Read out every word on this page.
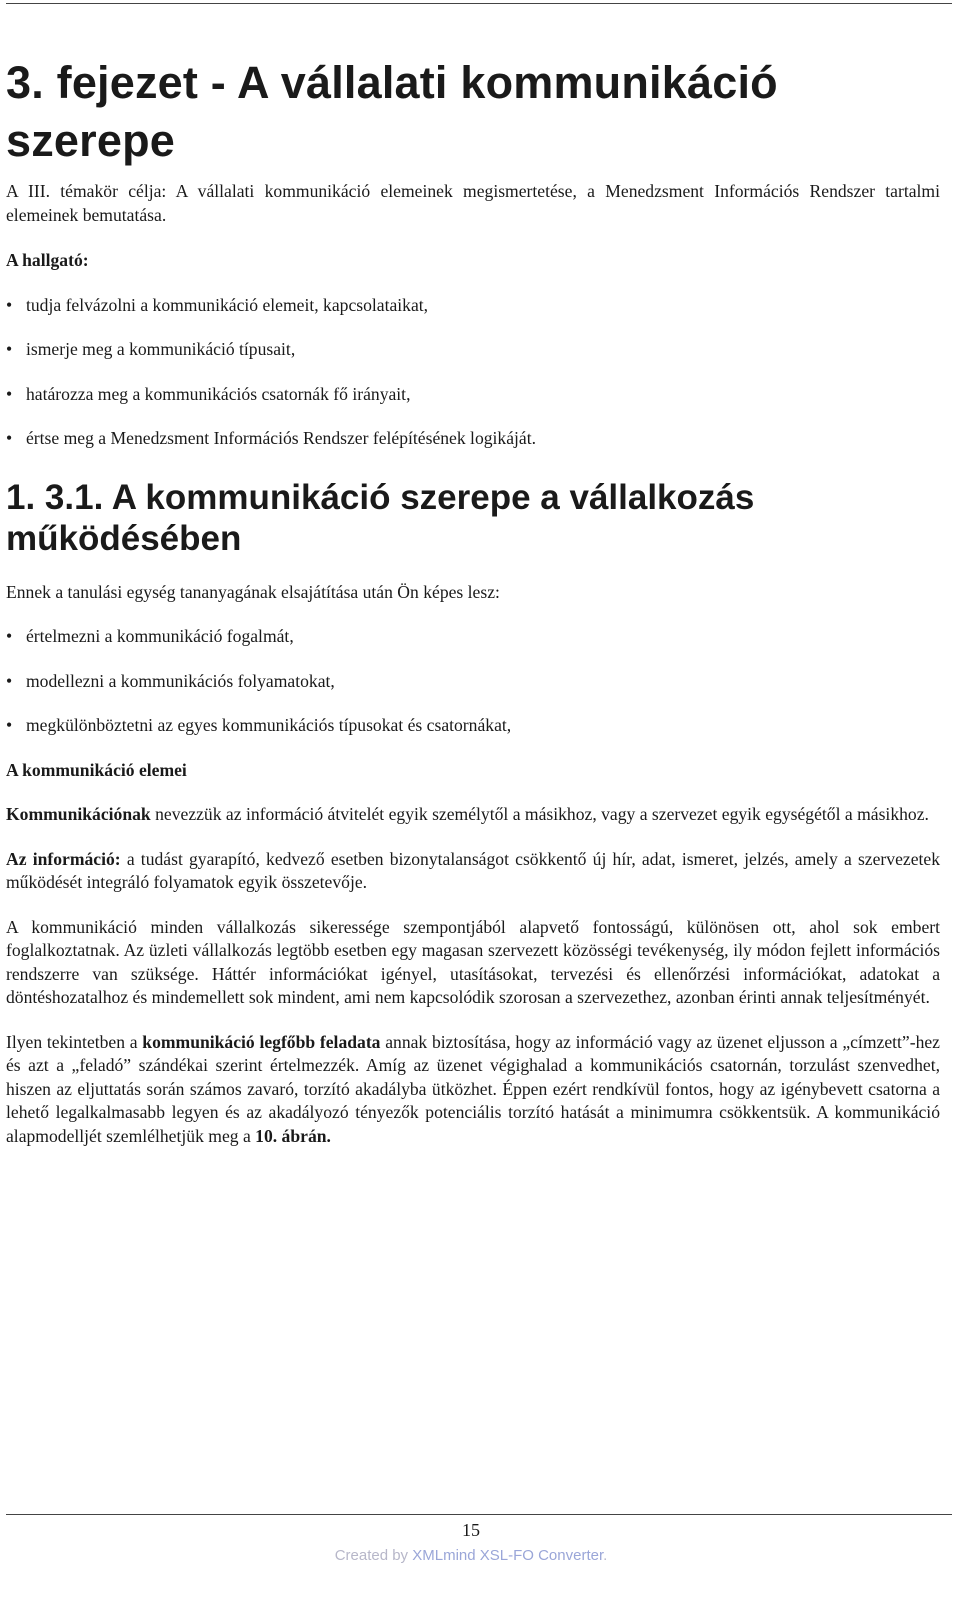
3. fejezet - A vállalati kommunikáció szerepe

A III. témakör célja: A vállalati kommunikáció elemeinek megismertetése, a Menedzsment Információs Rendszer tartalmi elemeinek bemutatása.

A hallgató:

• tudja felvázolni a kommunikáció elemeit, kapcsolataikat,
• ismerje meg a kommunikáció típusait,
• határozza meg a kommunikációs csatornák fő irányait,
• értse meg a Menedzsment Információs Rendszer felépítésének logikáját.
1. 3.1. A kommunikáció szerepe a vállalkozás működésében

Ennek a tanulási egység tananyagának elsajátítása után Ön képes lesz:

• értelmezni a kommunikáció fogalmát,
• modellezni a kommunikációs folyamatokat,
• megkülönböztetni az egyes kommunikációs típusokat és csatornákat,

A kommunikáció elemei

Kommunikációnak nevezzük az információ átvitelét egyik személytől a másikhoz, vagy a szervezet egyik egységétől a másikhoz.

Az információ: a tudást gyarapító, kedvező esetben bizonytalanságot csökkentő új hír, adat, ismeret, jelzés, amely a szervezetek működését integráló folyamatok egyik összetevője.

A kommunikáció minden vállalkozás sikeressége szempontjából alapvető fontosságú, különösen ott, ahol sok embert foglalkoztatnak. Az üzleti vállalkozás legtöbb esetben egy magasan szervezett közösségi tevékenység, ily módon fejlett információs rendszerre van szüksége. Háttér információkat igényel, utasításokat, tervezési és ellenőrzési információkat, adatokat a döntéshozatalhoz és mindemellett sok mindent, ami nem kapcsolódik szorosan a szervezethez, azonban érinti annak teljesítményét.

Ilyen tekintetben a kommunikáció legfőbb feladata annak biztosítása, hogy az információ vagy az üzenet eljusson a „címzett”-hez és azt a „feladó” szándékai szerint értelmezzék. Amíg az üzenet végighalad a kommunikációs csatornán, torzulást szenvedhet, hiszen az eljuttatás során számos zavaró, torzító akadályba ütközhet. Éppen ezért rendkívül fontos, hogy az igénybevett csatorna a lehető legalkalmasabb legyen és az akadályozó tényezők potenciális torzító hatását a minimumra csökkentsük. A kommunikáció alapmodelljét szemlélhetjük meg a 10. ábrán.

15
Created by XMLmind XSL-FO Converter.
